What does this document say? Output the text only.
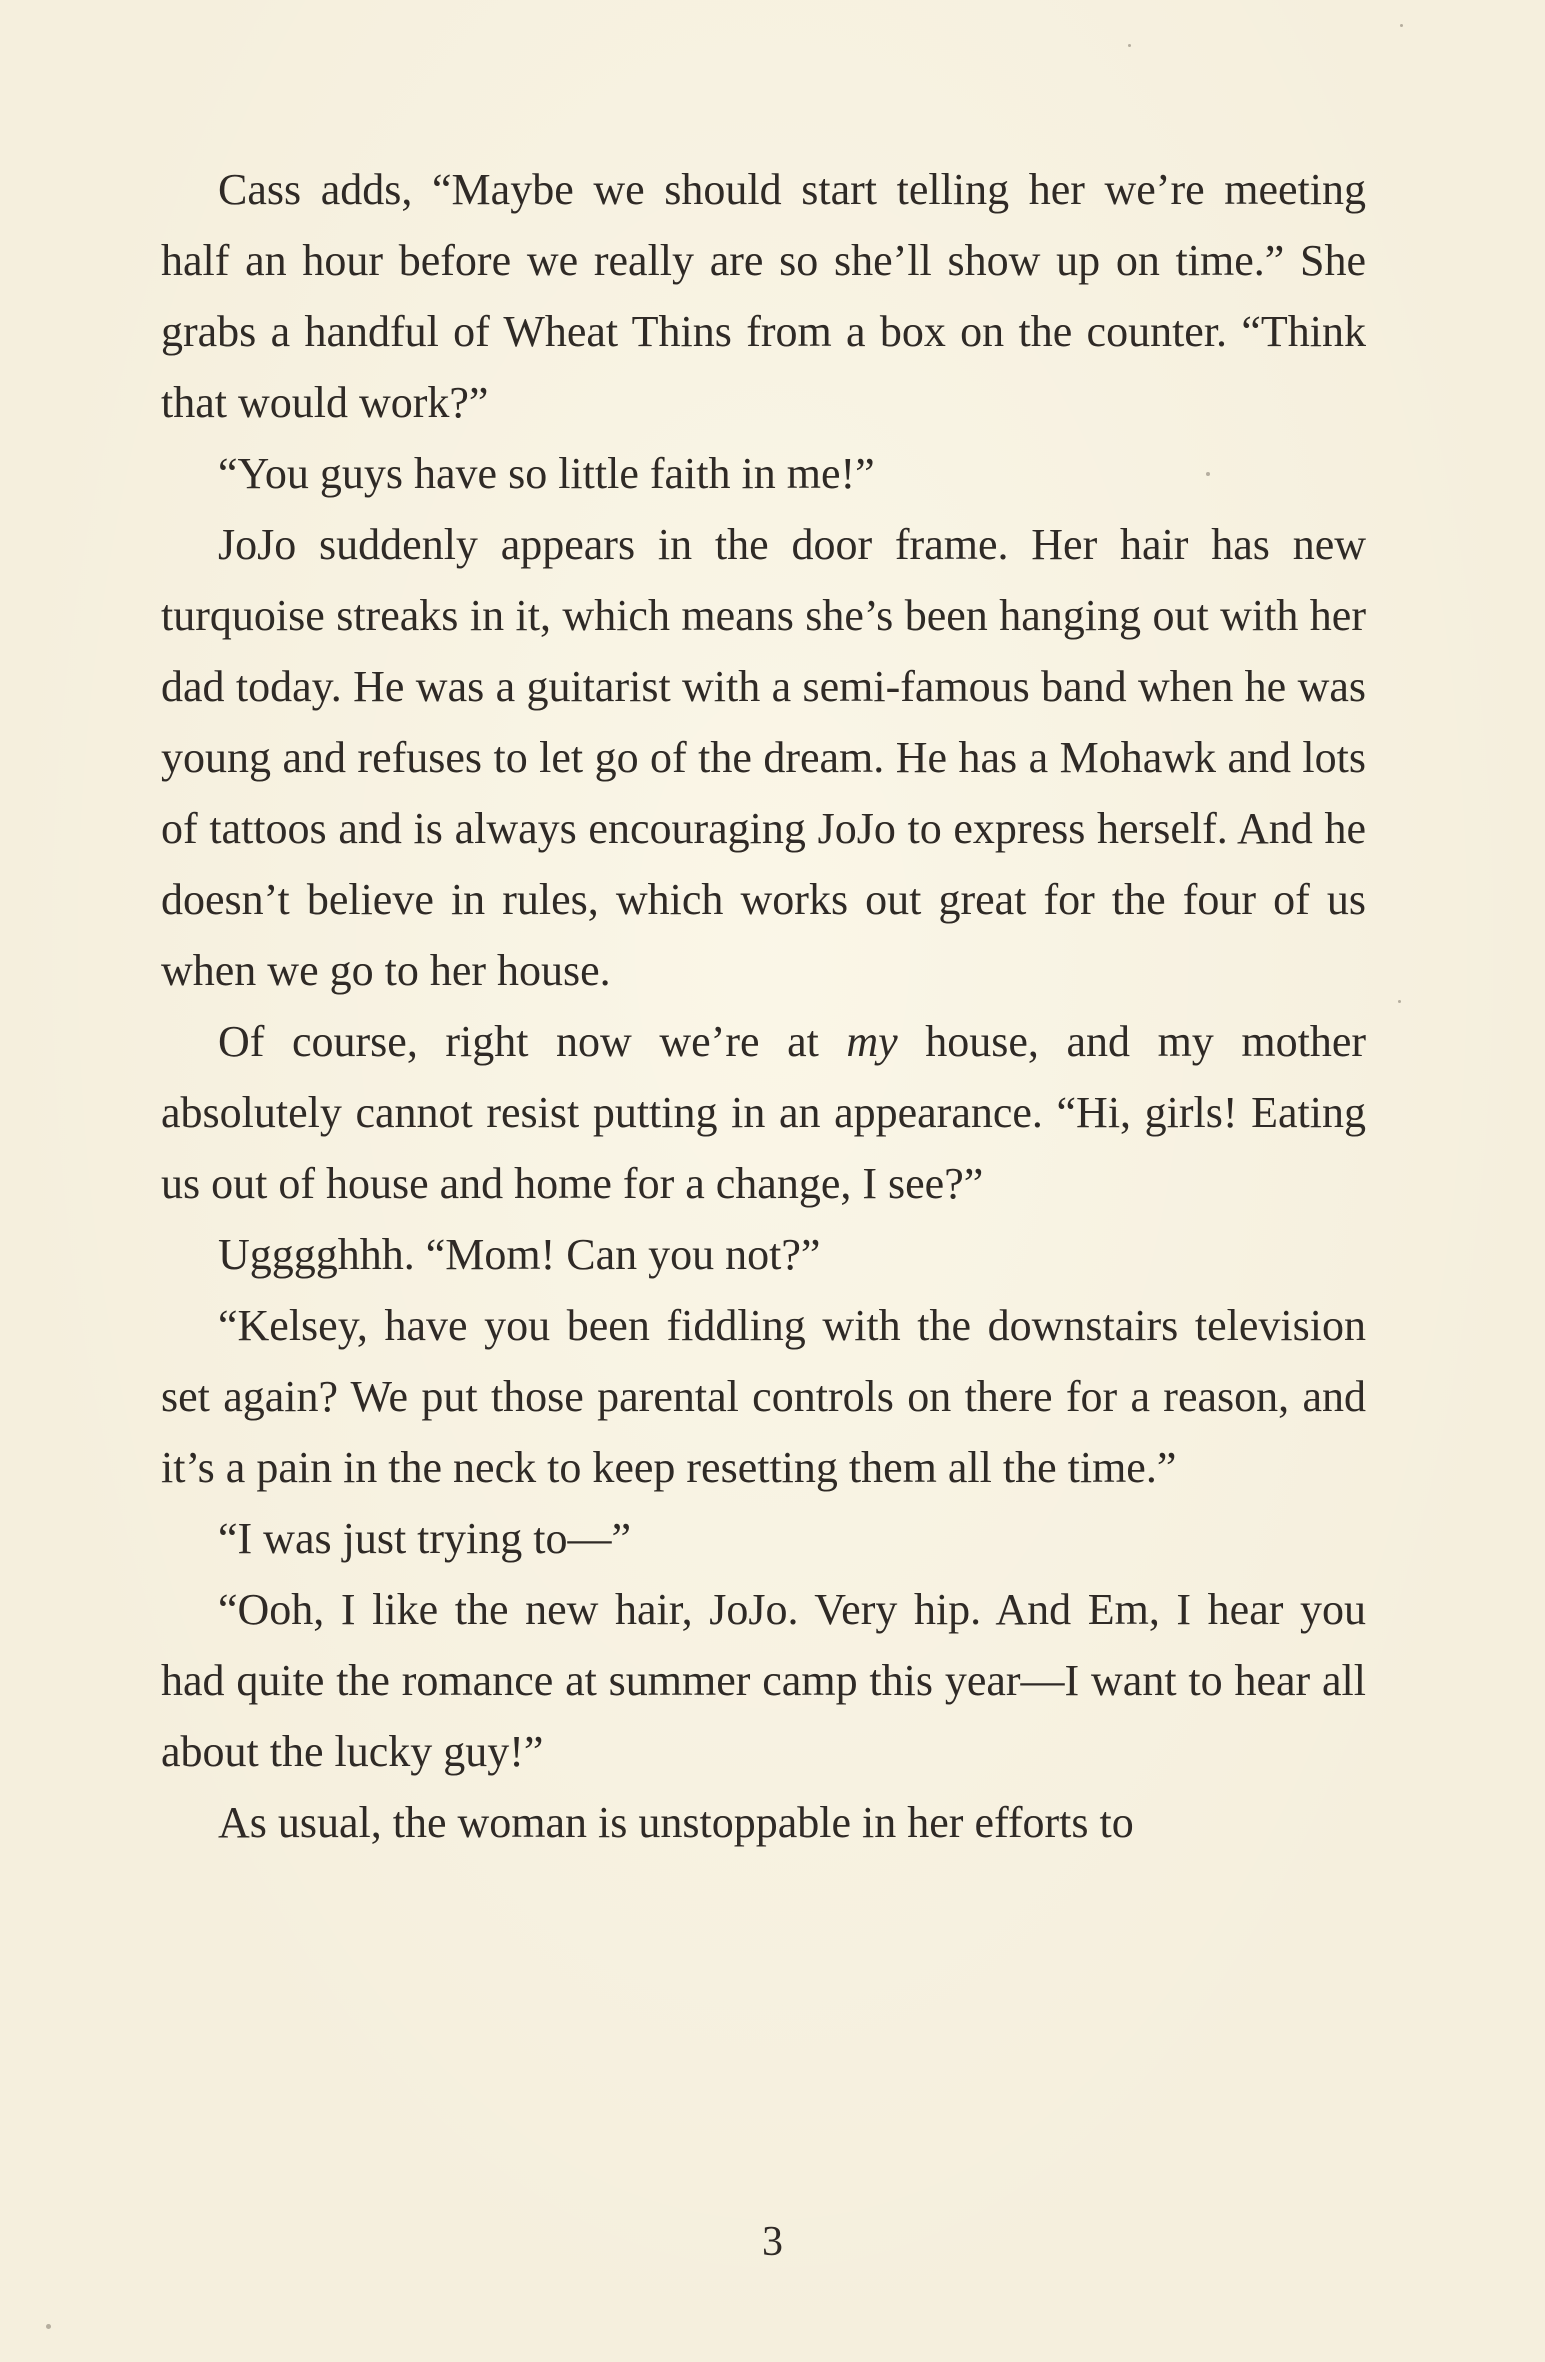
Cass adds, “Maybe we should start telling her we’re meeting half an hour before we really are so she’ll show up on time.” She grabs a handful of Wheat Thins from a box on the counter. “Think that would work?”

“You guys have so little faith in me!”

JoJo suddenly appears in the door frame. Her hair has new turquoise streaks in it, which means she’s been hanging out with her dad today. He was a guitarist with a semi-famous band when he was young and refuses to let go of the dream. He has a Mohawk and lots of tattoos and is always encouraging JoJo to express herself. And he doesn’t believe in rules, which works out great for the four of us when we go to her house.

Of course, right now we’re at my house, and my mother absolutely cannot resist putting in an appearance. “Hi, girls! Eating us out of house and home for a change, I see?”

Ugggghhh. “Mom! Can you not?”

“Kelsey, have you been fiddling with the downstairs television set again? We put those parental controls on there for a reason, and it’s a pain in the neck to keep resetting them all the time.”

“I was just trying to—”

“Ooh, I like the new hair, JoJo. Very hip. And Em, I hear you had quite the romance at summer camp this year—I want to hear all about the lucky guy!”

As usual, the woman is unstoppable in her efforts to

3
